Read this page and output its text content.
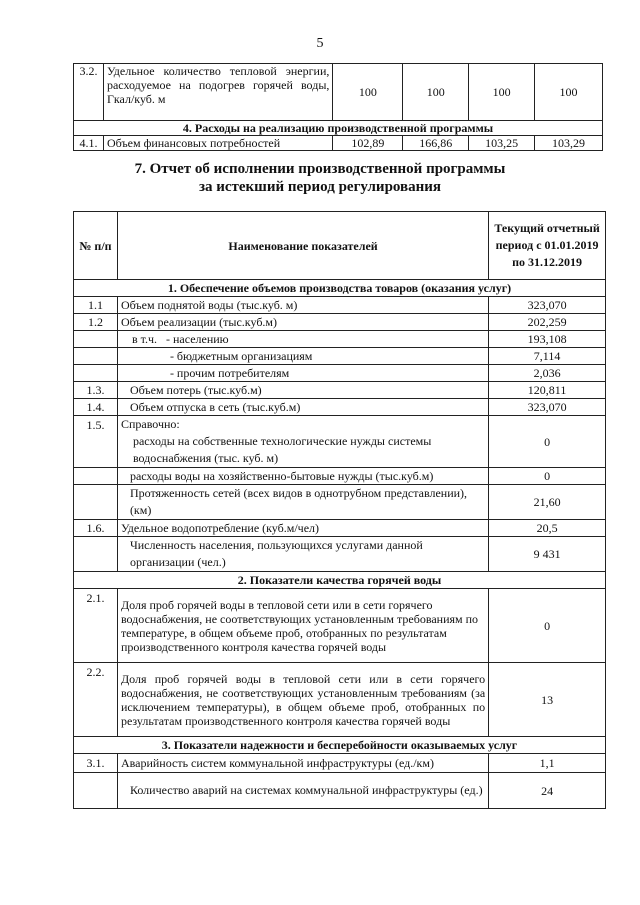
5
3.2.	Удельное количество тепловой энергии, расходуемое на подогрев горячей воды, Гкал/куб. м	100	100	100	100
4. Расходы на реализацию производственной программы					
4.1.	Объем финансовых потребностей	102,89	166,86	103,25	103,29
7. Отчет об исполнении производственной программы
за истекший период регулирования
№ п/п	Наименование показателей	Текущий отчетный период с 01.01.2019 по 31.12.2019
1. Обеспечение объемов производства товаров (оказания услуг)		
1.1	Объем поднятой воды (тыс.куб. м)	323,070
1.2	Объем реализации (тыс.куб.м)	202,259
	в т.ч.   - населению	193,108
	- бюджетным организациям	7,114
	- прочим потребителям	2,036
1.3.	Объем потерь (тыс.куб.м)	120,811
1.4.	Объем отпуска в сеть (тыс.куб.м)	323,070
1.5.	Справочно:
расходы на собственные технологические нужды системы водоснабжения (тыс. куб. м)	0
	расходы воды на хозяйственно-бытовые нужды (тыс.куб.м)	0
	Протяженность сетей (всех видов в однотрубном представлении), (км)	21,60
1.6.	Удельное водопотребление (куб.м/чел)	20,5
	Численность населения, пользующихся услугами данной организации (чел.)	9 431
2. Показатели качества горячей воды		
2.1.	Доля проб горячей воды в тепловой сети или в сети горячего водоснабжения, не соответствующих установленным требованиям по температуре, в общем объеме проб, отобранных по результатам производственного контроля качества горячей воды	0
2.2.	Доля проб горячей воды в тепловой сети или в сети горячего водоснабжения, не соответствующих установленным требованиям (за исключением температуры), в общем объеме проб, отобранных по результатам производственного контроля качества горячей воды	13
3. Показатели надежности и бесперебойности оказываемых услуг		
3.1.	Аварийность систем коммунальной инфраструктуры (ед./км)	1,1
	Количество аварий на системах коммунальной инфраструктуры (ед.)	24
